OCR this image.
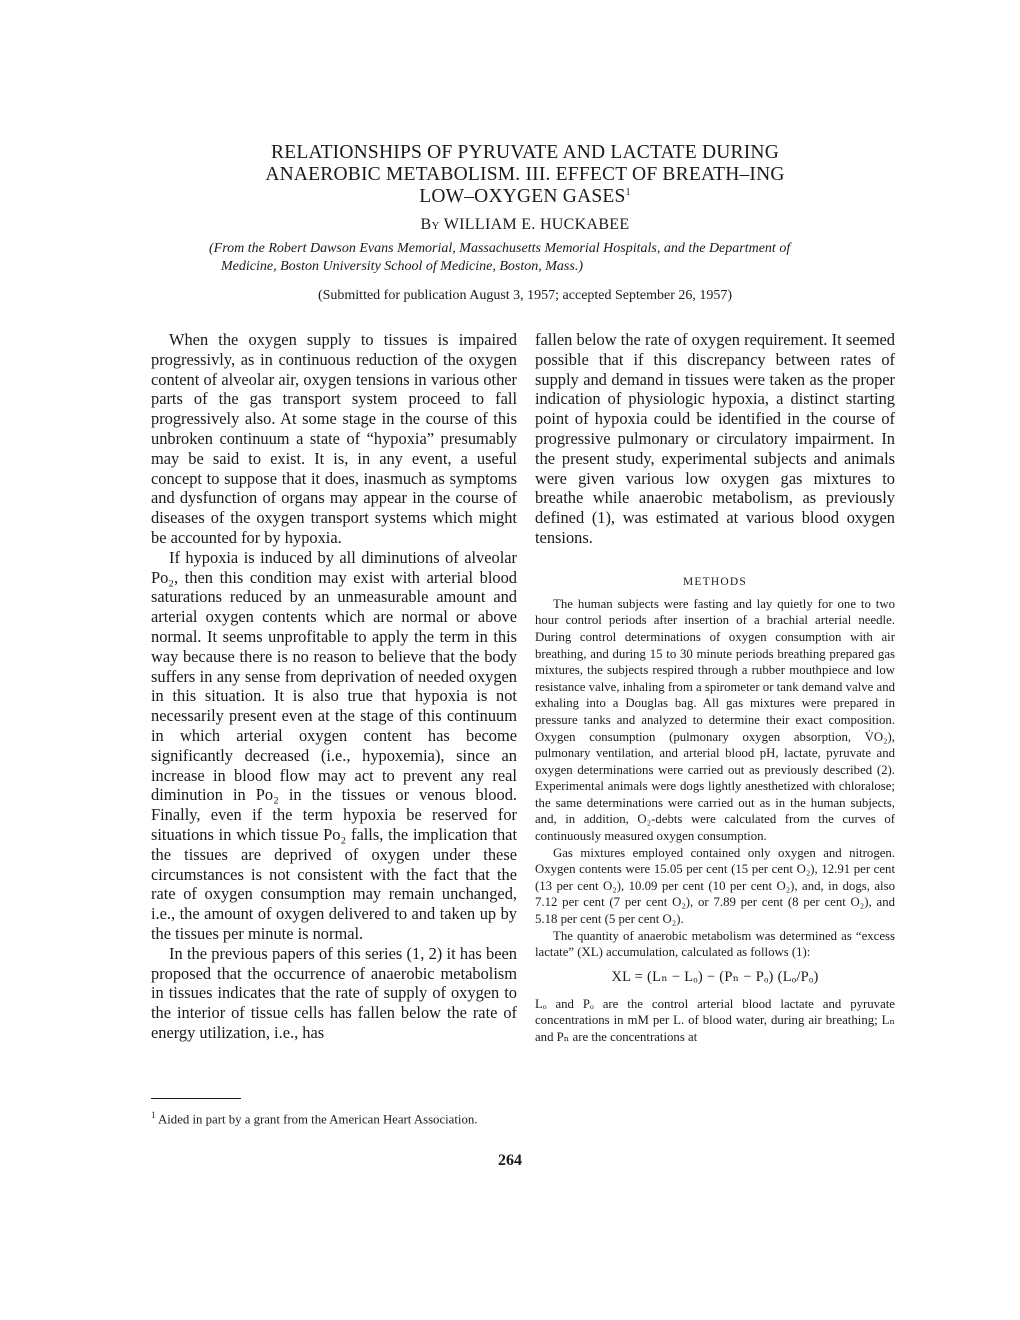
RELATIONSHIPS OF PYRUVATE AND LACTATE DURING ANAEROBIC METABOLISM. III. EFFECT OF BREATH–ING LOW–OXYGEN GASES$^1$
By WILLIAM E. HUCKABEE
(From the Robert Dawson Evans Memorial, Massachusetts Memorial Hospitals, and the Department of Medicine, Boston University School of Medicine, Boston, Mass.)
(Submitted for publication August 3, 1957; accepted September 26, 1957)

When the oxygen supply to tissues is impaired progressivly, as in continuous reduction of the oxygen content of alveolar air, oxygen tensions in various other parts of the gas transport system proceed to fall progressively also. At some stage in the course of this unbroken continuum a state of “hypoxia” presumably may be said to exist. It is, in any event, a useful concept to suppose that it does, inasmuch as symptoms and dysfunction of organs may appear in the course of diseases of the oxygen transport systems which might be accounted for by hypoxia.

If hypoxia is induced by all diminutions of alveolar Po₂, then this condition may exist with arterial blood saturations reduced by an unmeasurable amount and arterial oxygen contents which are normal or above normal. It seems unprofitable to apply the term in this way because there is no reason to believe that the body suffers in any sense from deprivation of needed oxygen in this situation. It is also true that hypoxia is not necessarily present even at the stage of this continuum in which arterial oxygen content has become significantly decreased (i.e., hypoxemia), since an increase in blood flow may act to prevent any real diminution in Po₂ in the tissues or venous blood. Finally, even if the term hypoxia be reserved for situations in which tissue Po₂ falls, the implication that the tissues are deprived of oxygen under these circumstances is not consistent with the fact that the rate of oxygen consumption may remain unchanged, i.e., the amount of oxygen delivered to and taken up by the tissues per minute is normal.

In the previous papers of this series (1, 2) it has been proposed that the occurrence of anaerobic metabolism in tissues indicates that the rate of supply of oxygen to the interior of tissue cells has fallen below the rate of energy utilization, i.e., has

$^1$ Aided in part by a grant from the American Heart Association.

fallen below the rate of oxygen requirement. It seemed possible that if this discrepancy between rates of supply and demand in tissues were taken as the proper indication of physiologic hypoxia, a distinct starting point of hypoxia could be identified in the course of progressive pulmonary or circulatory impairment. In the present study, experimental subjects and animals were given various low oxygen gas mixtures to breathe while anaerobic metabolism, as previously defined (1), was estimated at various blood oxygen tensions.

METHODS

The human subjects were fasting and lay quietly for one to two hour control periods after insertion of a brachial arterial needle. During control determinations of oxygen consumption with air breathing, and during 15 to 30 minute periods breathing prepared gas mixtures, the subjects respired through a rubber mouthpiece and low resistance valve, inhaling from a spirometer or tank demand valve and exhaling into a Douglas bag. All gas mixtures were prepared in pressure tanks and analyzed to determine their exact composition. Oxygen consumption (pulmonary oxygen absorption, V̇O₂), pulmonary ventilation, and arterial blood pH, lactate, pyruvate and oxygen determinations were carried out as previously described (2). Experimental animals were dogs lightly anesthetized with chloralose; the same determinations were carried out as in the human subjects, and, in addition, O₂-debts were calculated from the curves of continuously measured oxygen consumption.

Gas mixtures employed contained only oxygen and nitrogen. Oxygen contents were 15.05 per cent (15 per cent O₂), 12.91 per cent (13 per cent O₂), 10.09 per cent (10 per cent O₂), and, in dogs, also 7.12 per cent (7 per cent O₂), or 7.89 per cent (8 per cent O₂), and 5.18 per cent (5 per cent O₂).

The quantity of anaerobic metabolism was determined as “excess lactate” (XL) accumulation, calculated as follows (1):

XL = (Lₙ − Lₒ) − (Pₙ − Pₒ) (Lₒ/Pₒ)

Lₒ and Pₒ are the control arterial blood lactate and pyruvate concentrations in mM per L. of blood water, during air breathing; Lₙ and Pₙ are the concentrations at

264
